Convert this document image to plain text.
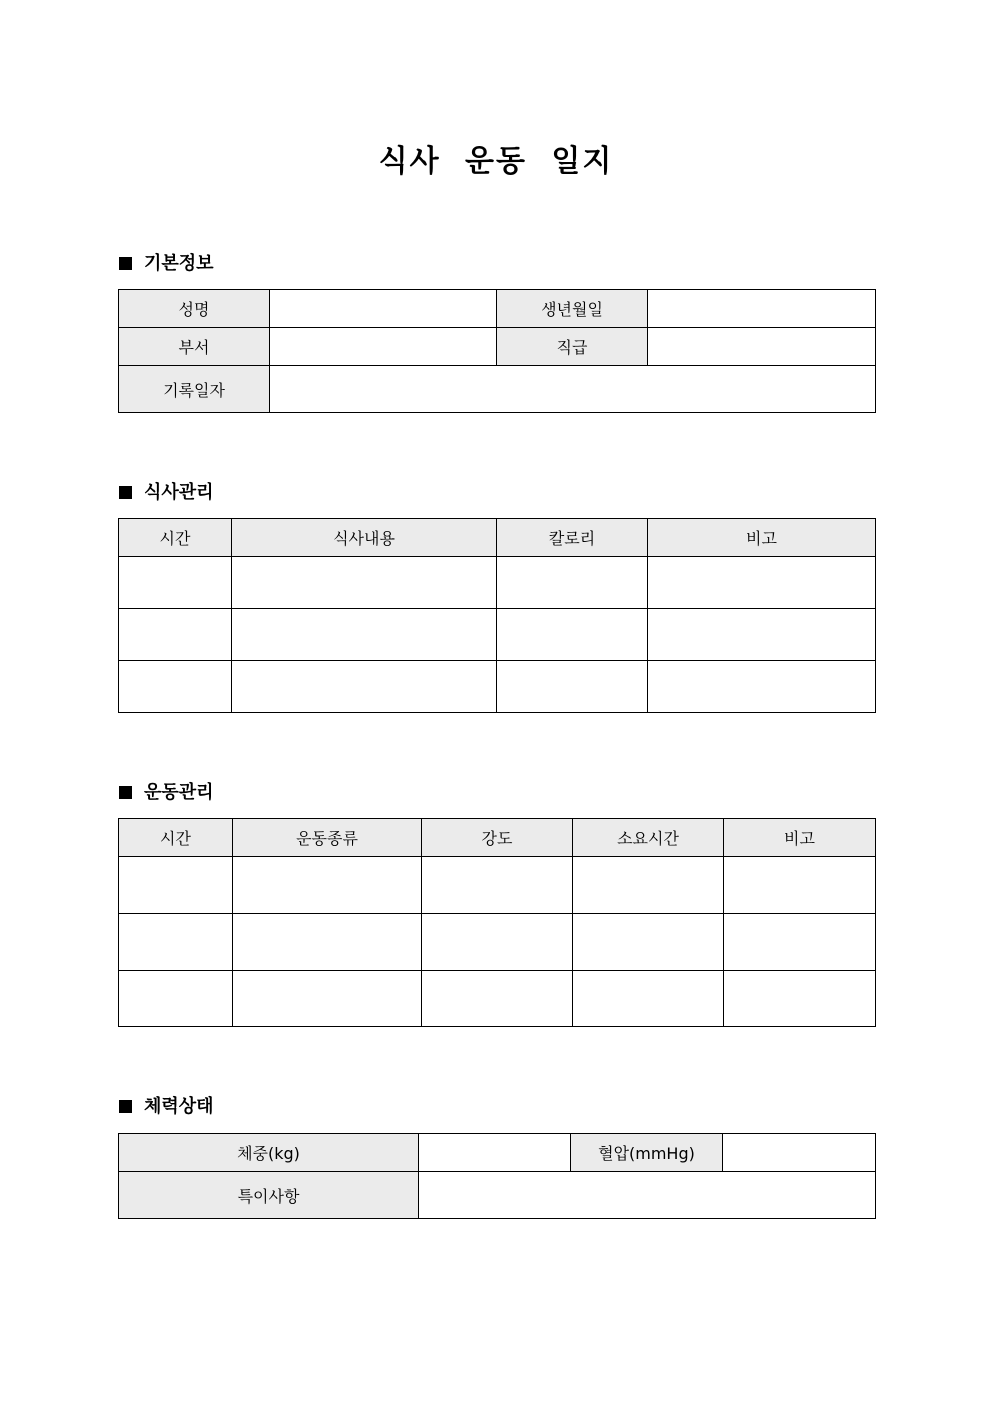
식사 운동 일지
기본정보
성명		생년월일	
부서		직급	
기록일자			
식사관리
시간	식사내용	칼로리	비고

운동관리
시간	운동종류	강도	소요시간	비고

체력상태
체중(kg)		혈압(mmHg)	
특이사항			
